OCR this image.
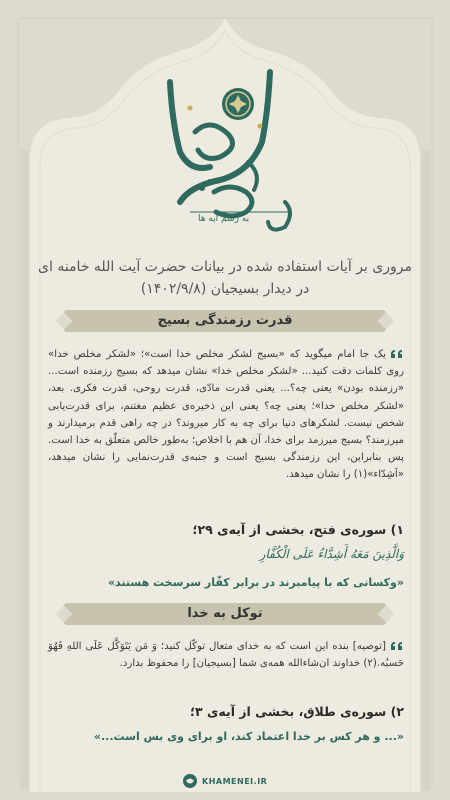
به رسم آیه ها
مروری بر آیات استفاده شده در بیانات حضرت آیت الله خامنه ای
در دیدار بسیجیان (۱۴۰۲/۹/۸)
قدرت رزمندگی بسیج
یک جا امام میگوید که «بسیج لشکر مخلص خدا است»؛ «لشکر مخلص خدا» روی کلمات دقت کنید... «لشکر مخلص خدا» نشان میدهد که بسیج رزمنده است... «رزمنده بودن» یعنی چه؟... یعنی قدرت مادّی، قدرت روحی، قدرت فکری. بعد، «لشکر مخلص خدا»؛ یعنی چه؟ یعنی این ذخیره‌ی عظیم مغتنم، برای قدرت‌یابی شخص نیست. لشکرهای دنیا برای چه به کار میروند؟ در چه راهی قدم برمیدارند و میرزمند؟ بسیج میرزمد برای خدا، آن هم با اخلاص؛ به‌طور خالص متعلّق به خدا است. پس بنابراین، این رزمندگی بسیج است و جنبه‌ی قدرت‌نمایی را نشان میدهد، «اَشِدّاء»(۱) را نشان میدهد.
۱) سوره‌ی فتح، بخشی از آیه‌ی ۲۹؛
وَالَّذِينَ مَعَهُ أَشِدَّاءُ عَلَى الْكُفَّارِ
«وکسانی که با پیامبرند در برابر کفّار سرسخت هستند»
توکل به خدا
[توصیه] بنده این است که به خدای متعال توکّل کنید؛ وَ مَن یَتَوَکَّل عَلَی اللهِ فَهُوَ حَسبُه.(۲) خداوند ان‌شاءالله همه‌ی شما [بسیجیان] را محفوظ بدارد.
۲) سوره‌ی طلاق، بخشی از آیه‌ی ۳؛
«... و هر کس بر خدا اعتماد کند، او برای وی بس است...»
KHAMENEI.IR
